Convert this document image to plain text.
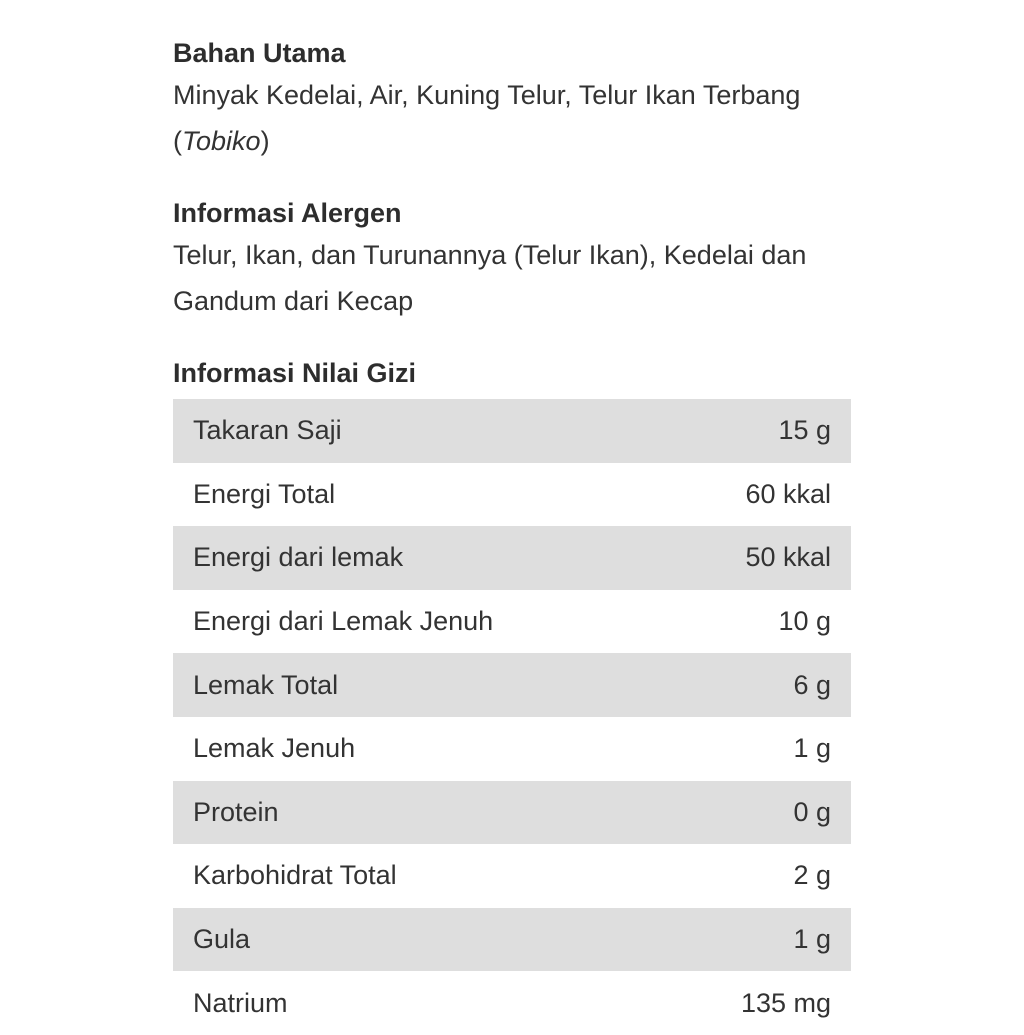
Bahan Utama

Minyak Kedelai, Air, Kuning Telur, Telur Ikan Terbang (Tobiko)

Informasi Alergen

Telur, Ikan, dan Turunannya (Telur Ikan), Kedelai dan Gandum dari Kecap

Informasi Nilai Gizi
Takaran Saji	15 g
Energi Total	60 kkal
Energi dari lemak	50 kkal
Energi dari Lemak Jenuh	10 g
Lemak Total	6 g
Lemak Jenuh	1 g
Protein	0 g
Karbohidrat Total	2 g
Gula	1 g
Natrium	135 mg
